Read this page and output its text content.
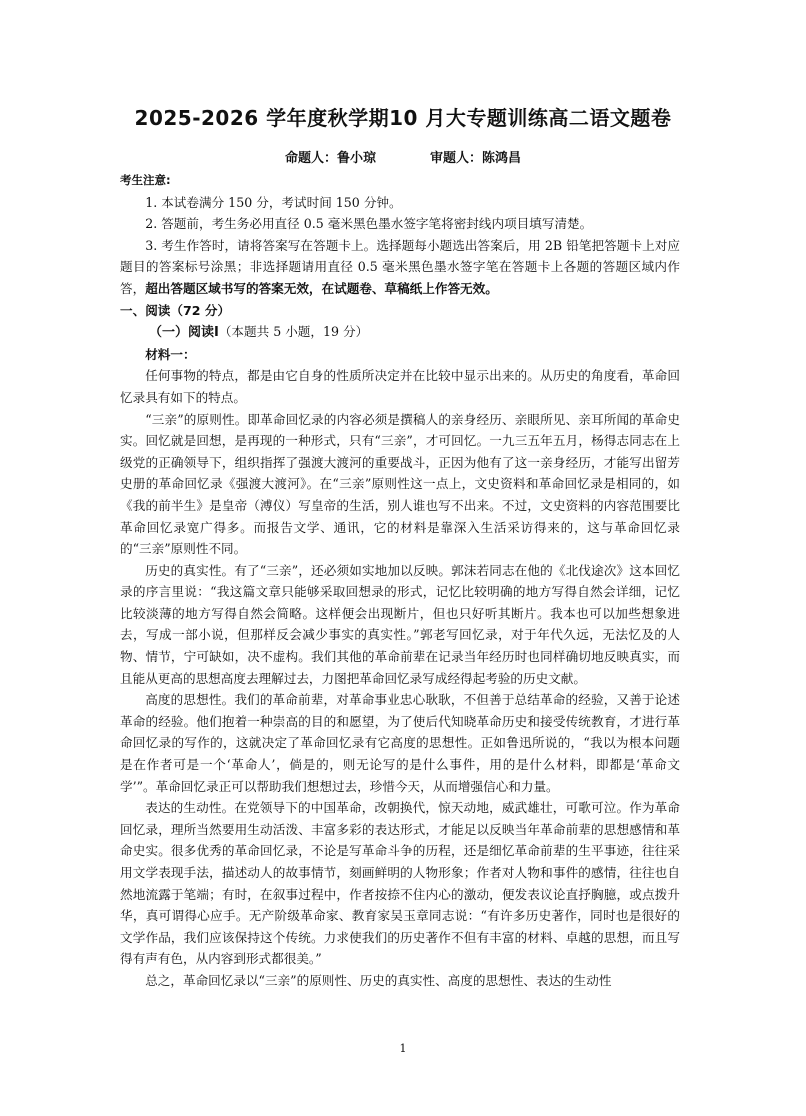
2025-2026 学年度秋学期10 月大专题训练高二语文题卷
命题人：鲁小琼	审题人：陈鸿昌

考生注意:

1. 本试卷满分 150 分，考试时间 150 分钟。

2. 答题前，考生务必用直径 0.5 毫米黑色墨水签字笔将密封线内项目填写清楚。

3. 考生作答时，请将答案写在答题卡上。选择题每小题选出答案后，用 2B 铅笔把答题卡上对应题目的答案标号涂黑；非选择题请用直径 0.5 毫米黑色墨水签字笔在答题卡上各题的答题区域内作答，超出答题区域书写的答案无效，在试题卷、草稿纸上作答无效。

一、阅读（72 分）

（一）阅读Ⅰ（本题共 5 小题，19 分）

材料一：

任何事物的特点，都是由它自身的性质所决定并在比较中显示出来的。从历史的角度看，革命回忆录具有如下的特点。

“三亲”的原则性。即革命回忆录的内容必须是撰稿人的亲身经历、亲眼所见、亲耳所闻的革命史实。回忆就是回想，是再现的一种形式，只有“三亲”，才可回忆。一九三五年五月，杨得志同志在上级党的正确领导下，组织指挥了强渡大渡河的重要战斗，正因为他有了这一亲身经历，才能写出留芳史册的革命回忆录《强渡大渡河》。在“三亲”原则性这一点上，文史资料和革命回忆录是相同的，如《我的前半生》是皇帝（溥仪）写皇帝的生活，别人谁也写不出来。不过，文史资料的内容范围要比革命回忆录宽广得多。而报告文学、通讯，它的材料是靠深入生活采访得来的，这与革命回忆录的“三亲”原则性不同。

历史的真实性。有了“三亲”，还必须如实地加以反映。郭沫若同志在他的《北伐途次》这本回忆录的序言里说：“我这篇文章只能够采取回想录的形式，记忆比较明确的地方写得自然会详细，记忆比较淡薄的地方写得自然会简略。这样便会出现断片，但也只好听其断片。我本也可以加些想象进去，写成一部小说，但那样反会减少事实的真实性。”郭老写回忆录，对于年代久远，无法忆及的人物、情节，宁可缺如，决不虚构。我们其他的革命前辈在记录当年经历时也同样确切地反映真实，而且能从更高的思想高度去理解过去，力图把革命回忆录写成经得起考验的历史文献。

高度的思想性。我们的革命前辈，对革命事业忠心耿耿，不但善于总结革命的经验，又善于论述革命的经验。他们抱着一种崇高的目的和愿望，为了使后代知晓革命历史和接受传统教育，才进行革命回忆录的写作的，这就决定了革命回忆录有它高度的思想性。正如鲁迅所说的，“我以为根本问题是在作者可是一个‘革命人’，倘是的，则无论写的是什么事件，用的是什么材料，即都是‘革命文学’”。革命回忆录正可以帮助我们想想过去，珍惜今天，从而增强信心和力量。

表达的生动性。在党领导下的中国革命，改朝换代，惊天动地，威武雄壮，可歌可泣。作为革命回忆录，理所当然要用生动活泼、丰富多彩的表达形式，才能足以反映当年革命前辈的思想感情和革命史实。很多优秀的革命回忆录，不论是写革命斗争的历程，还是细忆革命前辈的生平事迹，往往采用文学表现手法，描述动人的故事情节，刻画鲜明的人物形象；作者对人物和事件的感情，往往也自然地流露于笔端；有时，在叙事过程中，作者按捺不住内心的激动，便发表议论直抒胸臆，或点拨升华，真可谓得心应手。无产阶级革命家、教育家吴玉章同志说：“有许多历史著作，同时也是很好的文学作品，我们应该保持这个传统。力求使我们的历史著作不但有丰富的材料、卓越的思想，而且写得有声有色，从内容到形式都很美。”

总之，革命回忆录以“三亲”的原则性、历史的真实性、高度的思想性、表达的生动性

1
